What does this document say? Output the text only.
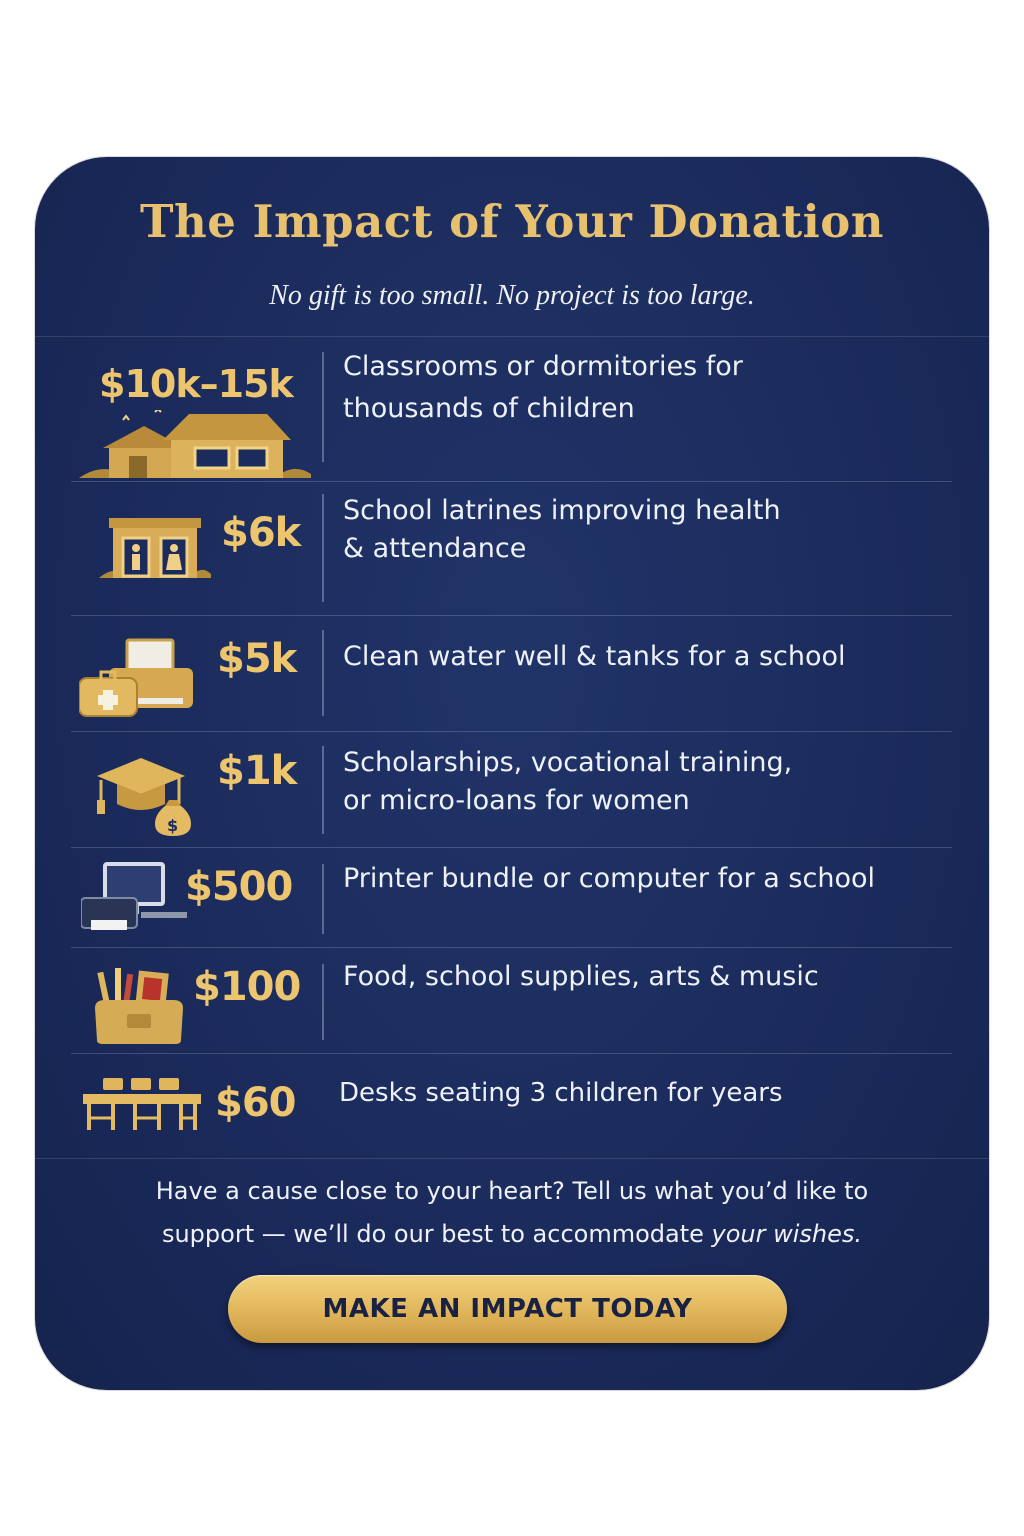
The Impact of Your Donation
No gift is too small. No project is too large.
$10k–15k Classrooms or dormitories for
thousands of children
$6k School latrines improving health
& attendance
$5k Clean water well & tanks for a school
$
$1k Scholarships, vocational training,
or micro-loans for women
$500 Printer bundle or computer for a school
$100 Food, school supplies, arts & music
$60 Desks seating 3 children for years
Have a cause close to your heart? Tell us what you’d like to
support — we’ll do our best to accommodate your wishes.
MAKE AN IMPACT TODAY
